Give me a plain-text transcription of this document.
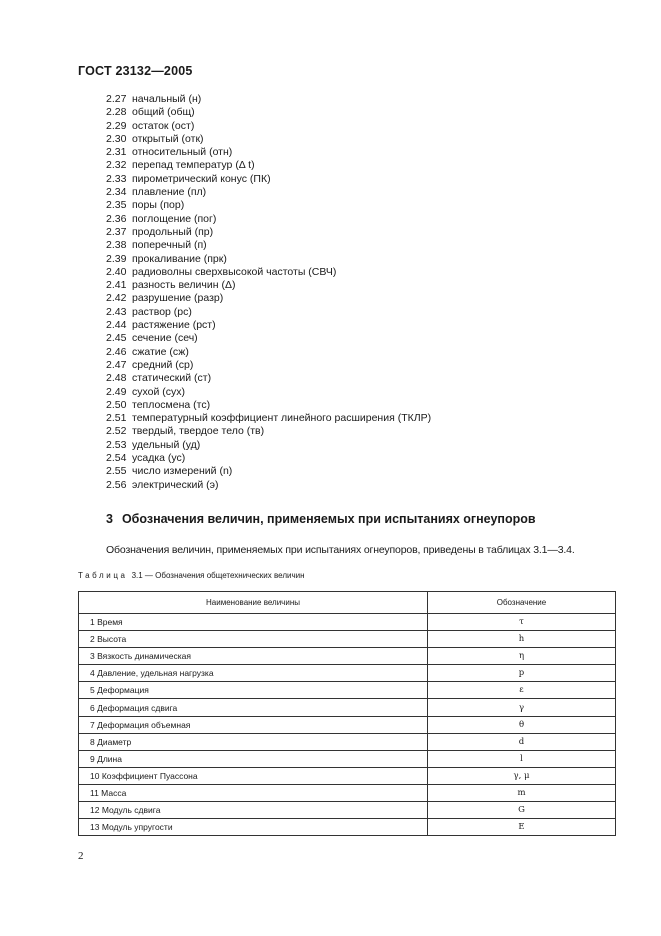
ГОСТ 23132—2005
2.27 начальный (н)
2.28 общий (общ)
2.29 остаток (ост)
2.30 открытый (отк)
2.31 относительный (отн)
2.32 перепад температур (Δ t)
2.33 пирометрический конус (ПК)
2.34 плавление (пл)
2.35 поры (пор)
2.36 поглощение (пог)
2.37 продольный (пр)
2.38 поперечный (п)
2.39 прокаливание (прк)
2.40 радиоволны сверхвысокой частоты (СВЧ)
2.41 разность величин (Δ)
2.42 разрушение (разр)
2.43 раствор (рс)
2.44 растяжение (рст)
2.45 сечение (сеч)
2.46 сжатие (сж)
2.47 средний (ср)
2.48 статический (ст)
2.49 сухой (сух)
2.50 теплосмена (тс)
2.51 температурный коэффициент линейного расширения (ТКЛР)
2.52 твердый, твердое тело (тв)
2.53 удельный (уд)
2.54 усадка (ус)
2.55 число измерений (n)
2.56 электрический (э)
3 Обозначения величин, применяемых при испытаниях огнеупоров
Обозначения величин, применяемых при испытаниях огнеупоров, приведены в таблицах 3.1—3.4.
Таблица 3.1 — Обозначения общетехнических величин
Наименование величины	Обозначение
1 Время	τ
2 Высота	h
3 Вязкость динамическая	η
4 Давление, удельная нагрузка	p
5 Деформация	ε
6 Деформация сдвига	γ
7 Деформация объемная	θ
8 Диаметр	d
9 Длина	l
10 Коэффициент Пуассона	γ, μ
11 Масса	m
12 Модуль сдвига	G
13 Модуль упругости	E
2
